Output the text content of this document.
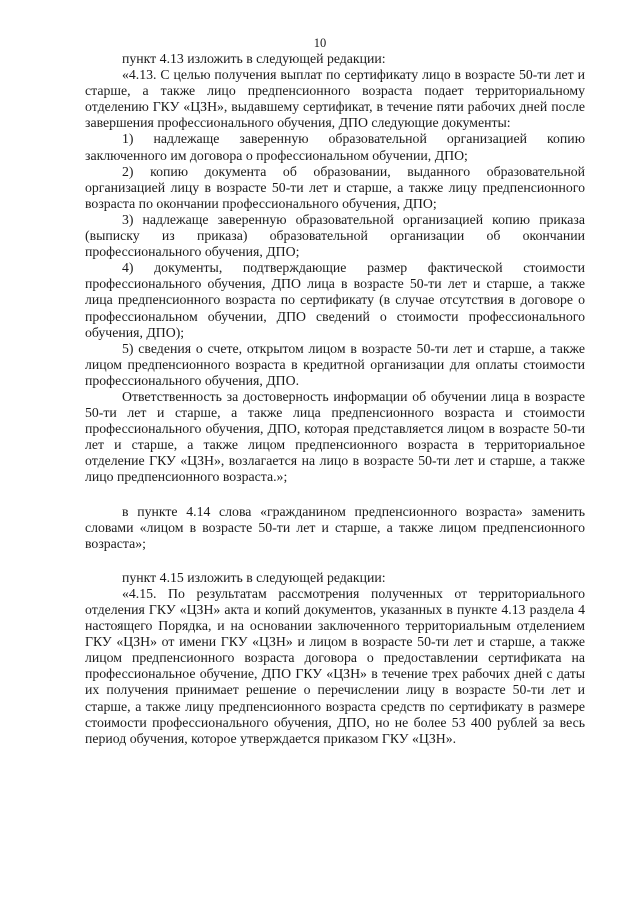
10

пункт 4.13 изложить в следующей редакции:

«4.13. С целью получения выплат по сертификату лицо в возрасте 50-ти лет и старше, а также лицо предпенсионного возраста подает территориальному отделению ГКУ «ЦЗН», выдавшему сертификат, в течение пяти рабочих дней после завершения профессионального обучения, ДПО следующие документы:

1) надлежаще заверенную образовательной организацией копию заключенного им договора о профессиональном обучении, ДПО;

2) копию документа об образовании, выданного образовательной организацией лицу в возрасте 50-ти лет и старше, а также лицу предпенсионного возраста по окончании профессионального обучения, ДПО;

3) надлежаще заверенную образовательной организацией копию приказа (выписку из приказа) образовательной организации об окончании профессионального обучения, ДПО;

4) документы, подтверждающие размер фактической стоимости профессионального обучения, ДПО лица в возрасте 50-ти лет и старше, а также лица предпенсионного возраста по сертификату (в случае отсутствия в договоре о профессиональном обучении, ДПО сведений о стоимости профессионального обучения, ДПО);

5) сведения о счете, открытом лицом в возрасте 50-ти лет и старше, а также лицом предпенсионного возраста в кредитной организации для оплаты стоимости профессионального обучения, ДПО.

Ответственность за достоверность информации об обучении лица в возрасте 50-ти лет и старше, а также лица предпенсионного возраста и стоимости профессионального обучения, ДПО, которая представляется лицом в возрасте 50-ти лет и старше, а также лицом предпенсионного возраста в территориальное отделение ГКУ «ЦЗН», возлагается на лицо в возрасте 50-ти лет и старше, а также лицо предпенсионного возраста.»;

в пункте 4.14 слова «гражданином предпенсионного возраста» заменить словами «лицом в возрасте 50-ти лет и старше, а также лицом предпенсионного возраста»;

пункт 4.15 изложить в следующей редакции:

«4.15. По результатам рассмотрения полученных от территориального отделения ГКУ «ЦЗН» акта и копий документов, указанных в пункте 4.13 раздела 4 настоящего Порядка, и на основании заключенного территориальным отделением ГКУ «ЦЗН» от имени ГКУ «ЦЗН» и лицом в возрасте 50-ти лет и старше, а также лицом предпенсионного возраста договора о предоставлении сертификата на профессиональное обучение, ДПО ГКУ «ЦЗН» в течение трех рабочих дней с даты их получения принимает решение о перечислении лицу в возрасте 50-ти лет и старше, а также лицу предпенсионного возраста средств по сертификату в размере стоимости профессионального обучения, ДПО, но не более 53 400 рублей за весь период обучения, которое утверждается приказом ГКУ «ЦЗН».
